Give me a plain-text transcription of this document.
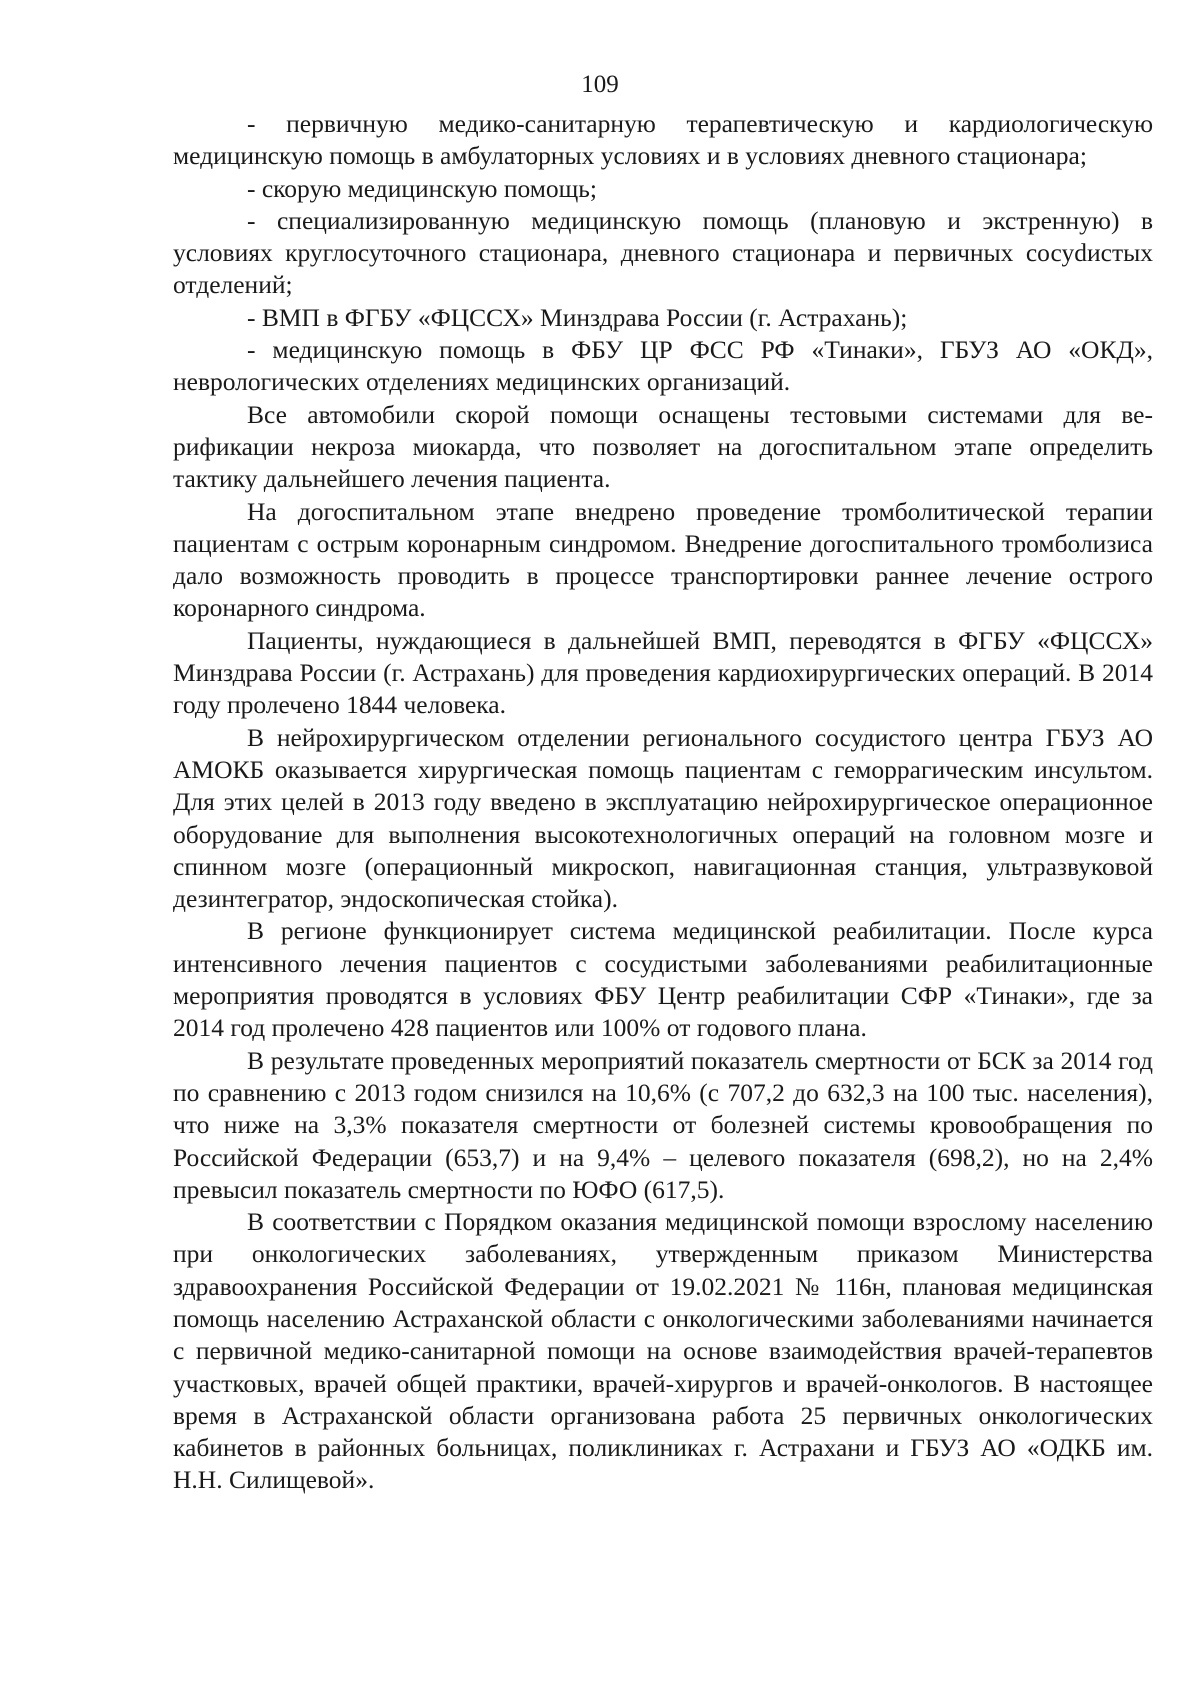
109

- первичную медико-санитарную терапевтическую и кардиологическую медицинскую помощь в амбулаторных условиях и в условиях дневного стационара;

- скорую медицинскую помощь;

- специализированную медицинскую помощь (плановую и экстренную) в условиях круглосуточного стационара, дневного стационара и первичных сосуdистых отделений;

- ВМП в ФГБУ «ФЦССХ» Минздрава России (г. Астрахань);

- медицинскую помощь в ФБУ ЦР ФСС РФ «Тинаки», ГБУЗ АО «ОКД», неврологических отделениях медицинских организаций.

Все автомобили скорой помощи оснащены тестовыми системами для верификации некроза миокарда, что позволяет на догоспитальном этапе определить тактику дальнейшего лечения пациента.

На догоспитальном этапе внедрено проведение тромболитической терапии пациентам с острым коронарным синдромом. Внедрение догоспитального тромболизиса дало возможность проводить в процессе транспортировки раннее лечение острого коронарного синдрома.

Пациенты, нуждающиеся в дальнейшей ВМП, переводятся в ФГБУ «ФЦССХ» Минздрава России (г. Астрахань) для проведения кардиохирургических операций. В 2014 году пролечено 1844 человека.

В нейрохирургическом отделении регионального сосудистого центра ГБУЗ АО АМОКБ оказывается хирургическая помощь пациентам с геморрагическим инсультом. Для этих целей в 2013 году введено в эксплуатацию нейрохирургическое операционное оборудование для выполнения высокотехнологичных операций на головном мозге и спинном мозге (операционный микроскоп, навигационная станция, ультразвуковой дезинтегратор, эндоскопическая стойка).

В регионе функционирует система медицинской реабилитации. После курса интенсивного лечения пациентов с сосудистыми заболеваниями реабилитационные мероприятия проводятся в условиях ФБУ Центр реабилитации СФР «Тинаки», где за 2014 год пролечено 428 пациентов или 100% от годового плана.

В результате проведенных мероприятий показатель смертности от БСК за 2014 год по сравнению с 2013 годом снизился на 10,6% (с 707,2 до 632,3 на 100 тыс. населения), что ниже на 3,3% показателя смертности от болезней системы кровообращения по Российской Федерации (653,7) и на 9,4% – целевого показателя (698,2), но на 2,4% превысил показатель смертности по ЮФО (617,5).

В соответствии с Порядком оказания медицинской помощи взрослому населению при онкологических заболеваниях, утвержденным приказом Министерства здравоохранения Российской Федерации от 19.02.2021 № 116н, плановая медицинская помощь населению Астраханской области с онкологическими заболеваниями начинается с первичной медико-санитарной помощи на основе взаимодействия врачей-терапевтов участковых, врачей общей практики, врачей-хирургов и врачей-онкологов. В настоящее время в Астраханской области организована работа 25 первичных онкологических кабинетов в районных больницах, поликлиниках г. Астрахани и ГБУЗ АО «ОДКБ им. Н.Н. Силищевой».
